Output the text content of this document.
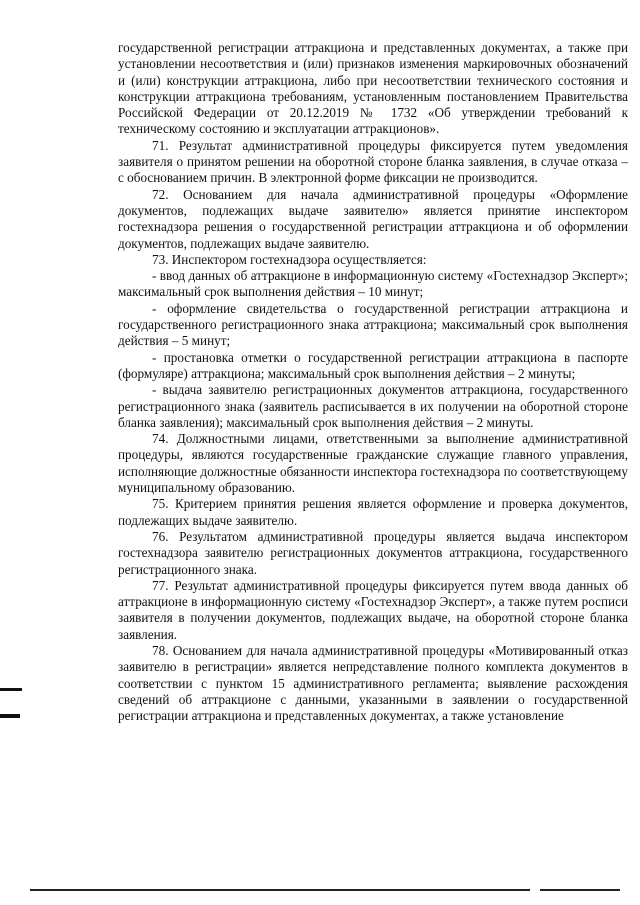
государственной регистрации аттракциона и представленных документах, а также при установлении несоответствия и (или) признаков изменения маркировочных обозначений и (или) конструкции аттракциона, либо при несоответствии технического состояния и конструкции аттракциона требованиям, установленным постановлением Правительства Российской Федерации от 20.12.2019 № 1732 «Об утверждении требований к техническому состоянию и эксплуатации аттракционов».

71. Результат административной процедуры фиксируется путем уведомления заявителя о принятом решении на оборотной стороне бланка заявления, в случае отказа – с обоснованием причин. В электронной форме фиксации не производится.

72. Основанием для начала административной процедуры «Оформление документов, подлежащих выдаче заявителю» является принятие инспектором гостехнадзора решения о государственной регистрации аттракциона и об оформлении документов, подлежащих выдаче заявителю.

73. Инспектором гостехнадзора осуществляется:

- ввод данных об аттракционе в информационную систему «Гостехнадзор Эксперт»; максимальный срок выполнения действия – 10 минут;

- оформление свидетельства о государственной регистрации аттракциона и государственного регистрационного знака аттракциона; максимальный срок выполнения действия – 5 минут;

- простановка отметки о государственной регистрации аттракциона в паспорте (формуляре) аттракциона; максимальный срок выполнения действия – 2 минуты;

- выдача заявителю регистрационных документов аттракциона, государственного регистрационного знака (заявитель расписывается в их получении на оборотной стороне бланка заявления); максимальный срок выполнения действия – 2 минуты.

74. Должностными лицами, ответственными за выполнение административной процедуры, являются государственные гражданские служащие главного управления, исполняющие должностные обязанности инспектора гостехнадзора по соответствующему муниципальному образованию.

75. Критерием принятия решения является оформление и проверка документов, подлежащих выдаче заявителю.

76. Результатом административной процедуры является выдача инспектором гостехнадзора заявителю регистрационных документов аттракциона, государственного регистрационного знака.

77. Результат административной процедуры фиксируется путем ввода данных об аттракционе в информационную систему «Гостехнадзор Эксперт», а также путем росписи заявителя в получении документов, подлежащих выдаче, на оборотной стороне бланка заявления.

78. Основанием для начала административной процедуры «Мотивированный отказ заявителю в регистрации» является непредставление полного комплекта документов в соответствии с пунктом 15 административного регламента; выявление расхождения сведений об аттракционе с данными, указанными в заявлении о государственной регистрации аттракциона и представленных документах, а также установление
